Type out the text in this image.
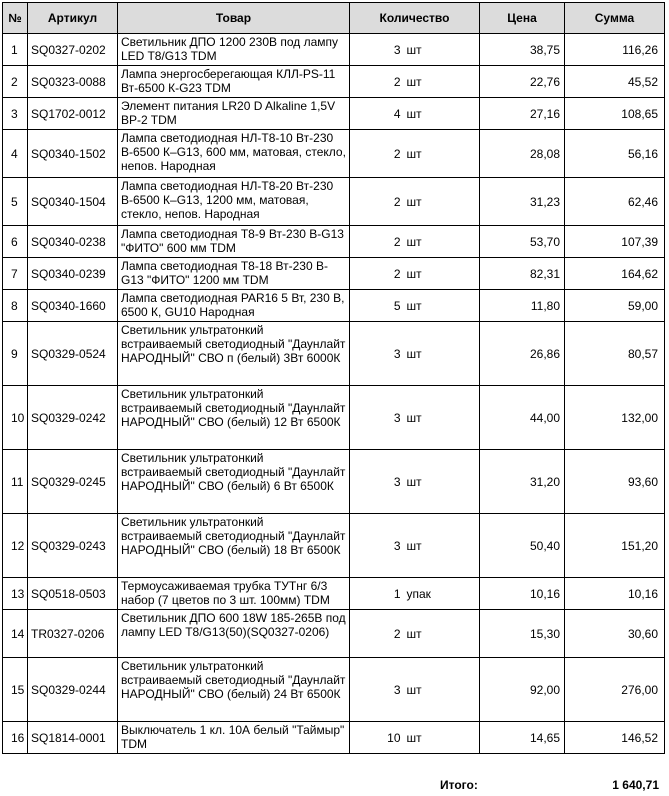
№	Артикул	Товар	Количество		Цена	Сумма
1	SQ0327-0202	Светильник ДПО 1200 230В под лампу LED T8/G13 TDM	3	шт	38,75	116,26
2	SQ0323-0088	Лампа энергосберегающая КЛЛ-PS-11 Вт-6500 К-G23 TDM	2	шт	22,76	45,52
3	SQ1702-0012	Элемент питания LR20 D Alkaline 1,5V BP-2 TDM	4	шт	27,16	108,65
4	SQ0340-1502	Лампа светодиодная НЛ-Т8-10 Вт-230 В-6500 К–G13, 600 мм, матовая, стекло, непов. Народная	2	шт	28,08	56,16
5	SQ0340-1504	Лампа светодиодная НЛ-Т8-20 Вт-230 В-6500 К–G13, 1200 мм, матовая, стекло, непов. Народная	2	шт	31,23	62,46
6	SQ0340-0238	Лампа светодиодная T8-9 Вт-230 В-G13 "ФИТО" 600 мм TDM	2	шт	53,70	107,39
7	SQ0340-0239	Лампа светодиодная T8-18 Вт-230 В-G13 "ФИТО" 1200 мм TDM	2	шт	82,31	164,62
8	SQ0340-1660	Лампа светодиодная PAR16 5 Вт, 230 В, 6500 К, GU10 Народная	5	шт	11,80	59,00
9	SQ0329-0524	Светильник ультратонкий встраиваемый светодиодный "Даунлайт НАРОДНЫЙ" СВО п (белый) 3Вт 6000К	3	шт	26,86	80,57
10	SQ0329-0242	Светильник ультратонкий встраиваемый светодиодный "Даунлайт НАРОДНЫЙ" СВО (белый) 12 Вт 6500К	3	шт	44,00	132,00
11	SQ0329-0245	Светильник ультратонкий встраиваемый светодиодный "Даунлайт НАРОДНЫЙ" СВО (белый) 6 Вт 6500К	3	шт	31,20	93,60
12	SQ0329-0243	Светильник ультратонкий встраиваемый светодиодный "Даунлайт НАРОДНЫЙ" СВО (белый) 18 Вт 6500К	3	шт	50,40	151,20
13	SQ0518-0503	Термоусаживаемая трубка ТУТнг 6/3 набор (7 цветов по 3 шт. 100мм) TDM	1	упак	10,16	10,16
14	TR0327-0206	Светильник ДПО 600 18W 185-265В под лампу LED T8/G13(50)(SQ0327-0206)	2	шт	15,30	30,60
15	SQ0329-0244	Светильник ультратонкий встраиваемый светодиодный "Даунлайт НАРОДНЫЙ" СВО (белый) 24 Вт 6500К	3	шт	92,00	276,00
16	SQ1814-0001	Выключатель 1 кл. 10А белый "Таймыр" TDM	10	шт	14,65	146,52
Итого:	1 640,71
